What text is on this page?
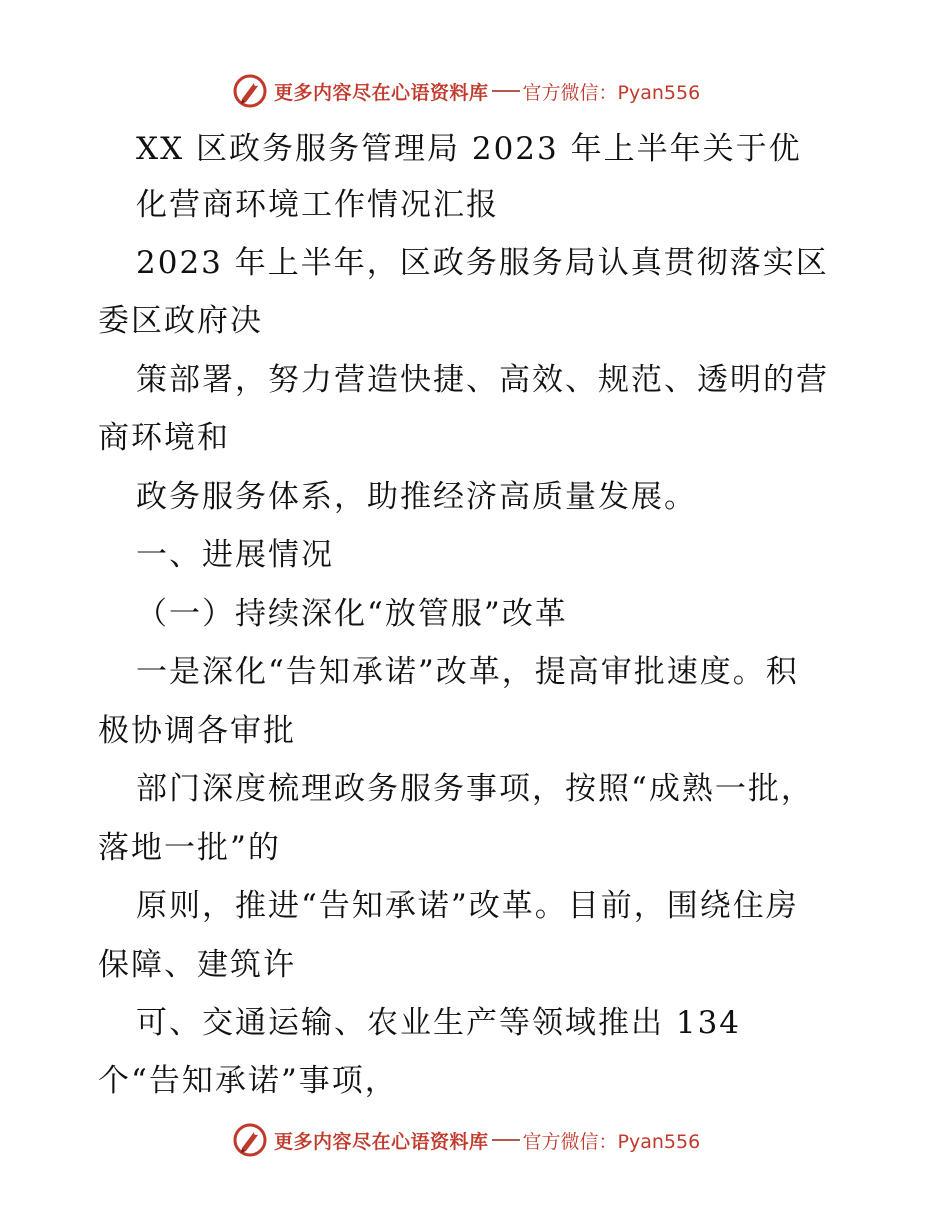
更多内容尽在心语资料库 官方微信：Pyan556
XX 区政务服务管理局 2023 年上半年关于优
化营商环境工作情况汇报
2023 年上半年，区政务服务局认真贯彻落实区
委区政府决
策部署，努力营造快捷、高效、规范、透明的营
商环境和
政务服务体系，助推经济高质量发展。
一、进展情况
（一）持续深化“放管服”改革
一是深化“告知承诺”改革，提高审批速度。积
极协调各审批
部门深度梳理政务服务事项，按照“成熟一批，
落地一批”的
原则，推进“告知承诺”改革。目前，围绕住房
保障、建筑许
可、交通运输、农业生产等领域推出 134
个“告知承诺”事项，
更多内容尽在心语资料库 官方微信：Pyan556
